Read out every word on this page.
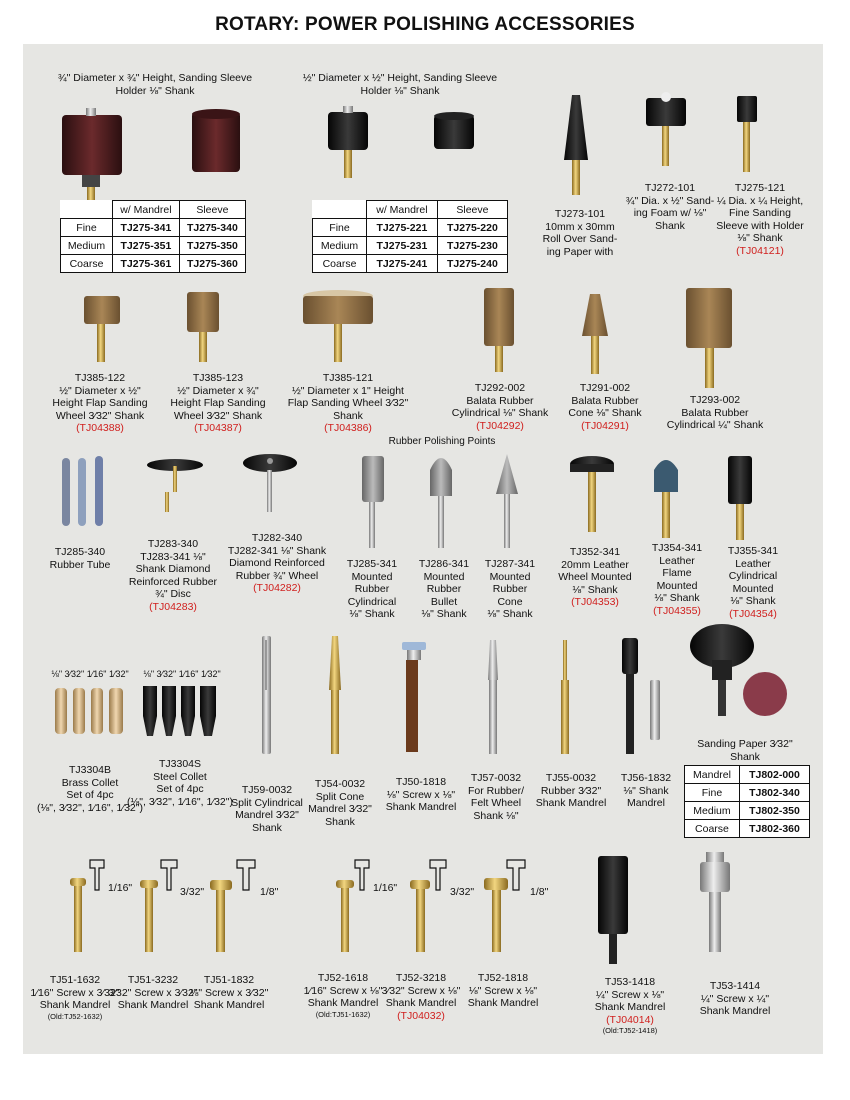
ROTARY: POWER POLISHING ACCESSORIES
1/16"	3/32"	1/8"	1/16"	3/32"	1/8"
¾" Diameter x ¾" Height, Sanding Sleeve
Holder ⅛" Shank
½" Diameter x ½" Height, Sanding Sleeve
Holder ⅛" Shank
	w/ Mandrel	Sleeve
Fine	TJ275-341	TJ275-340
Medium	TJ275-351	TJ275-350
Coarse	TJ275-361	TJ275-360
	w/ Mandrel	Sleeve
Fine	TJ275-221	TJ275-220
Medium	TJ275-231	TJ275-230
Coarse	TJ275-241	TJ275-240
TJ273-101
10mm x 30mm
Roll Over Sand-
ing Paper with
TJ272-101
¾" Dia. x ½" Sand-
ing Foam w/ ⅛"
Shank
TJ275-121
¼ Dia. x ¼ Height,
Fine Sanding
Sleeve with Holder
⅛" Shank
(TJ04121)
TJ385-122
½" Diameter x ½"
Height Flap Sanding
Wheel 3⁄32" Shank
(TJ04388)
TJ385-123
½" Diameter x ¾"
Height Flap Sanding
Wheel 3⁄32" Shank
(TJ04387)
TJ385-121
½" Diameter x 1" Height
Flap Sanding Wheel 3⁄32"
Shank
(TJ04386)
TJ292-002
Balata Rubber
Cylindrical ⅛" Shank
(TJ04292)
TJ291-002
Balata Rubber
Cone ⅛" Shank
(TJ04291)
TJ293-002
Balata Rubber
Cylindrical ¼" Shank
Rubber Polishing Points
TJ285-340
Rubber Tube
TJ283-340
TJ283-341 ⅛"
Shank Diamond
Reinforced Rubber
¾" Disc
(TJ04283)
TJ282-340
TJ282-341 ⅛" Shank
Diamond Reinforced
Rubber ¾" Wheel
(TJ04282)
TJ285-341
Mounted
Rubber
Cylindrical
⅛" Shank
TJ286-341
Mounted
Rubber
Bullet
⅛" Shank
TJ287-341
Mounted
Rubber
Cone
⅛" Shank
TJ352-341
20mm Leather
Wheel Mounted
⅛" Shank
(TJ04353)
TJ354-341
Leather
Flame
Mounted
⅛" Shank
(TJ04355)
TJ355-341
Leather
Cylindrical
Mounted
⅛" Shank
(TJ04354)
⅛" 3⁄32" 1⁄16" 1⁄32"	⅛" 3⁄32" 1⁄16" 1⁄32"
TJ3304B
Brass Collet
Set of 4pc
(⅛", 3⁄32", 1⁄16", 1⁄32")
TJ3304S
Steel Collet
Set of 4pc
(⅛", 3⁄32", 1⁄16", 1⁄32")
TJ59-0032
Split Cylindrical
Mandrel 3⁄32"
Shank
TJ54-0032
Split Cone
Mandrel 3⁄32"
Shank
TJ50-1818
⅛" Screw x ⅛"
Shank Mandrel
TJ57-0032
For Rubber/
Felt Wheel
Shank ⅛"
TJ55-0032
Rubber 3⁄32"
Shank Mandrel
TJ56-1832
⅛" Shank
Mandrel
Sanding Paper 3⁄32"
Shank
Mandrel	TJ802-000
Fine	TJ802-340
Medium	TJ802-350
Coarse	TJ802-360
TJ51-1632
1⁄16" Screw x 3⁄32"
Shank Mandrel
(Old:TJ52-1632)
TJ51-3232
3⁄32" Screw x 3⁄32"
Shank Mandrel
TJ51-1832
⅛" Screw x 3⁄32"
Shank Mandrel
TJ52-1618
1⁄16" Screw x ⅛"
Shank Mandrel
(Old:TJ51-1632)
TJ52-3218
3⁄32" Screw x ⅛"
Shank Mandrel
(TJ04032)
TJ52-1818
⅛" Screw x ⅛"
Shank Mandrel
TJ53-1418
¼" Screw x ⅛"
Shank Mandrel
(TJ04014)
(Old:TJ52-1418)
TJ53-1414
¼" Screw x ¼"
Shank Mandrel
